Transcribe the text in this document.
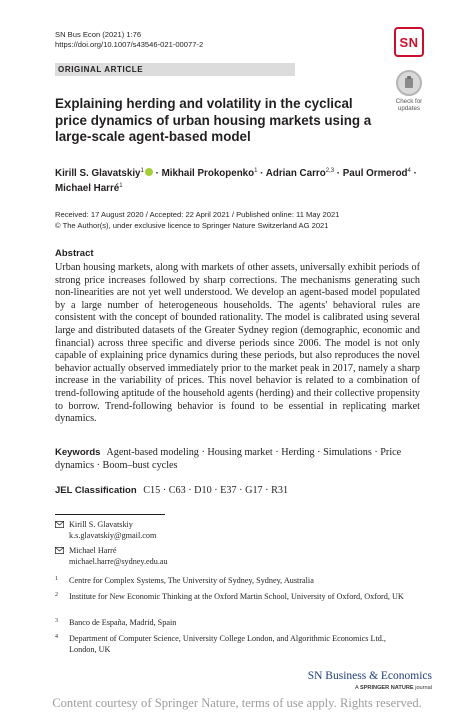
SN Bus Econ (2021) 1:76
https://doi.org/10.1007/s43546-021-00077-2	SN
ORIGINAL ARTICLE
Check for
updates
Explaining herding and volatility in the cyclical price dynamics of urban housing markets using a large-scale agent-based model
Kirill S. Glavatskiy$^1$ · Mikhail Prokopenko$^1$ · Adrian Carro$^{2,3}$ · Paul Ormerod$^4$ ·
Michael Harré$^1$
Received: 17 August 2020 / Accepted: 22 April 2021 / Published online: 11 May 2021
© The Author(s), under exclusive licence to Springer Nature Switzerland AG 2021
Abstract
Urban housing markets, along with markets of other assets, universally exhibit periods of strong price increases followed by sharp corrections. The mechanisms generating such non-linearities are not yet well understood. We develop an agent-based model populated by a large number of heterogeneous households. The agents' behavioral rules are consistent with the concept of bounded rationality. The model is calibrated using several large and distributed datasets of the Greater Sydney region (demographic, economic and financial) across three specific and diverse periods since 2006. The model is not only capable of explaining price dynamics during these periods, but also reproduces the novel behavior actually observed immediately prior to the market peak in 2017, namely a sharp increase in the variability of prices. This novel behavior is related to a combination of trend-following aptitude of the household agents (herding) and their collective propensity to borrow. Trend-following behavior is found to be essential in replicating market dynamics.
Keywords Agent-based modeling · Housing market · Herding · Simulations · Price dynamics · Boom–bust cycles
JEL Classification C15 · C63 · D10 · E37 · G17 · R31
Kirill S. Glavatskiy
k.s.glavatskiy@gmail.com
Michael Harré
michael.harre@sydney.edu.au
1 Centre for Complex Systems, The University of Sydney, Sydney, Australia
2 Institute for New Economic Thinking at the Oxford Martin School, University of Oxford, Oxford, UK
3 Banco de España, Madrid, Spain
4 Department of Computer Science, University College London, and Algorithmic Economics Ltd., London, UK
SN Business & Economics
A SPRINGER NATURE journal
Content courtesy of Springer Nature, terms of use apply. Rights reserved.
